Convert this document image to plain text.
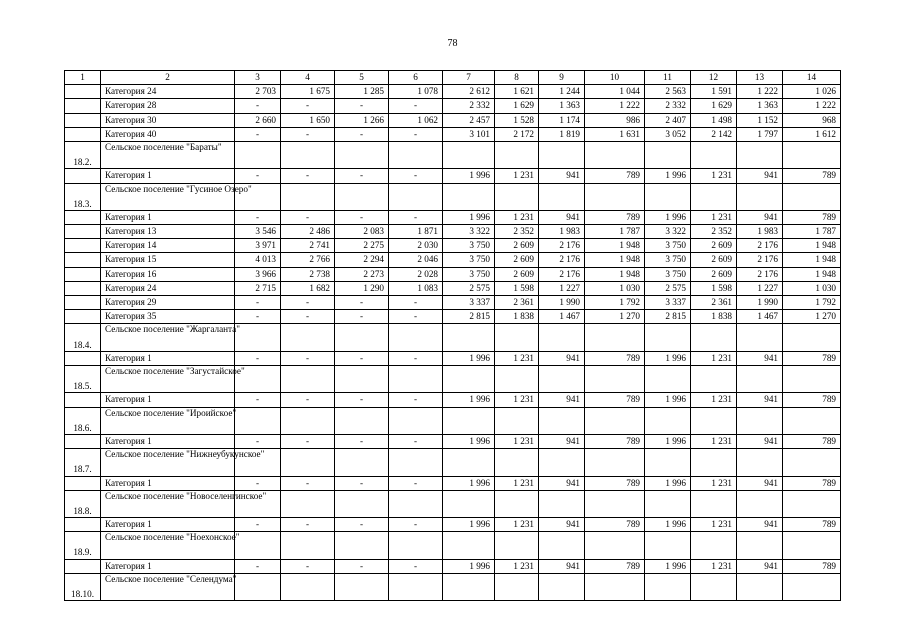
78
1	2	3	4	5	6	7	8	9	10	11	12	13	14
	Категория 24	2 703	1 675	1 285	1 078	2 612	1 621	1 244	1 044	2 563	1 591	1 222	1 026
	Категория 28	-	-	-	-	2 332	1 629	1 363	1 222	2 332	1 629	1 363	1 222
	Категория 30	2 660	1 650	1 266	1 062	2 457	1 528	1 174	986	2 407	1 498	1 152	968
	Категория 40	-	-	-	-	3 101	2 172	1 819	1 631	3 052	2 142	1 797	1 612
18.2.	Сельское поселение "Бараты"												
	Категория 1	-	-	-	-	1 996	1 231	941	789	1 996	1 231	941	789
18.3.	Сельское поселение "Гусиное Озеро"												
	Категория 1	-	-	-	-	1 996	1 231	941	789	1 996	1 231	941	789
	Категория 13	3 546	2 486	2 083	1 871	3 322	2 352	1 983	1 787	3 322	2 352	1 983	1 787
	Категория 14	3 971	2 741	2 275	2 030	3 750	2 609	2 176	1 948	3 750	2 609	2 176	1 948
	Категория 15	4 013	2 766	2 294	2 046	3 750	2 609	2 176	1 948	3 750	2 609	2 176	1 948
	Категория 16	3 966	2 738	2 273	2 028	3 750	2 609	2 176	1 948	3 750	2 609	2 176	1 948
	Категория 24	2 715	1 682	1 290	1 083	2 575	1 598	1 227	1 030	2 575	1 598	1 227	1 030
	Категория 29	-	-	-	-	3 337	2 361	1 990	1 792	3 337	2 361	1 990	1 792
	Категория 35	-	-	-	-	2 815	1 838	1 467	1 270	2 815	1 838	1 467	1 270
18.4.	Сельское поселение "Жаргаланта"												
	Категория 1	-	-	-	-	1 996	1 231	941	789	1 996	1 231	941	789
18.5.	Сельское поселение "Загустайское"												
	Категория 1	-	-	-	-	1 996	1 231	941	789	1 996	1 231	941	789
18.6.	Сельское поселение "Ироийское"												
	Категория 1	-	-	-	-	1 996	1 231	941	789	1 996	1 231	941	789
18.7.	Сельское поселение "Нижнеубукунское"												
	Категория 1	-	-	-	-	1 996	1 231	941	789	1 996	1 231	941	789
18.8.	Сельское поселение "Новоселенгинское"												
	Категория 1	-	-	-	-	1 996	1 231	941	789	1 996	1 231	941	789
18.9.	Сельское поселение "Ноехонское"												
	Категория 1	-	-	-	-	1 996	1 231	941	789	1 996	1 231	941	789
18.10.	Сельское поселение "Селендума"												
